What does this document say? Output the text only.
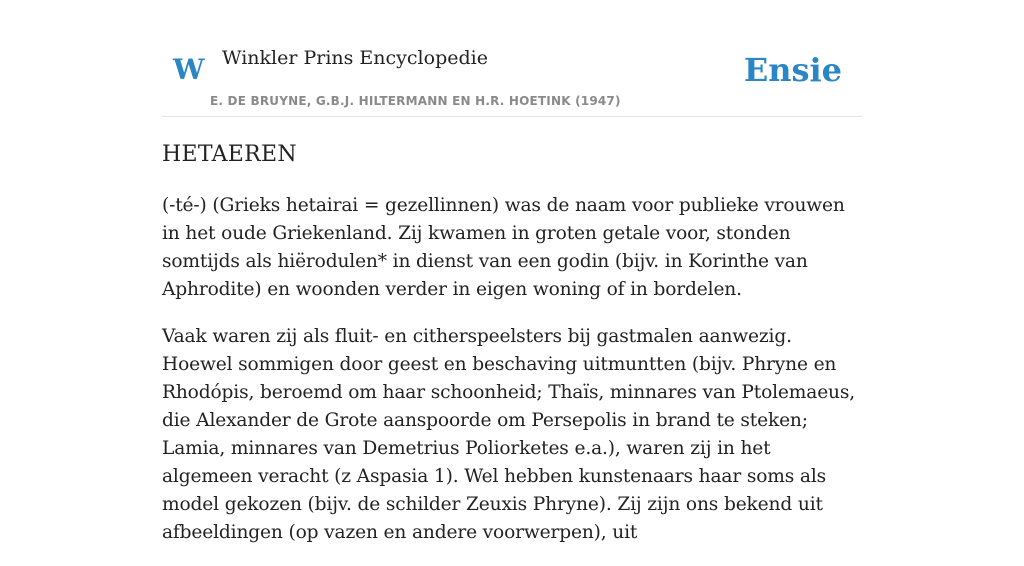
W Winkler Prins Encyclopedie
E. DE BRUYNE, G.B.J. HILTERMANN EN H.R. HOETINK (1947)
Ensie
HETAEREN

(-té-) (Grieks hetairai = gezellinnen) was de naam voor publieke vrouwen in het oude Griekenland. Zij kwamen in groten getale voor, stonden somtijds als hiërodulen* in dienst van een godin (bijv. in Korinthe van Aphrodite) en woonden verder in eigen woning of in bordelen.

Vaak waren zij als fluit- en citherspeelsters bij gastmalen aanwezig. Hoewel sommigen door geest en beschaving uitmuntten (bijv. Phryne en Rhodópis, beroemd om haar schoonheid; Thaïs, minnares van Ptolemaeus, die Alexander de Grote aanspoorde om Persepolis in brand te steken; Lamia, minnares van Demetrius Poliorketes e.a.), waren zij in het algemeen veracht (z Aspasia 1). Wel hebben kunstenaars haar soms als model gekozen (bijv. de schilder Zeuxis Phryne). Zij zijn ons bekend uit afbeeldingen (op vazen en andere voorwerpen), uit
